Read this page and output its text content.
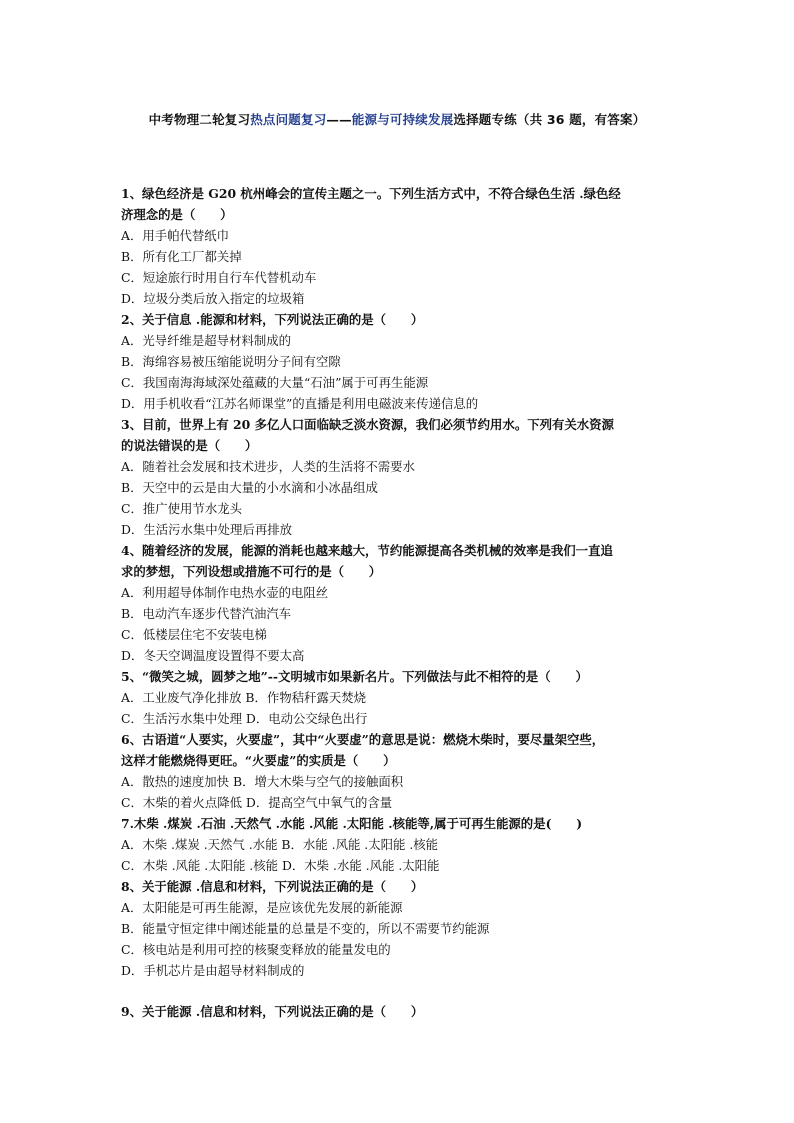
中考物理二轮复习热点问题复习——能源与可持续发展选择题专练（共 36 题，有答案）
1、绿色经济是 G20 杭州峰会的宣传主题之一。下列生活方式中，不符合绿色生活 .绿色经
济理念的是（　　）
A．用手帕代替纸巾
B．所有化工厂都关掉
C．短途旅行时用自行车代替机动车
D．垃圾分类后放入指定的垃圾箱
2、关于信息 .能源和材料，下列说法正确的是（　　）
A．光导纤维是超导材料制成的
B．海绵容易被压缩能说明分子间有空隙
C．我国南海海域深处蕴藏的大量“石油”属于可再生能源
D．用手机收看“江苏名师课堂”的直播是利用电磁波来传递信息的
3、目前，世界上有 20 多亿人口面临缺乏淡水资源，我们必须节约用水。下列有关水资源
的说法错误的是（　　）
A．随着社会发展和技术进步，人类的生活将不需要水
B．天空中的云是由大量的小水滴和小冰晶组成
C．推广使用节水龙头
D．生活污水集中处理后再排放
4、随着经济的发展，能源的消耗也越来越大，节约能源提高各类机械的效率是我们一直追
求的梦想，下列设想或措施不可行的是（　　）
A．利用超导体制作电热水壶的电阻丝
B．电动汽车逐步代替汽油汽车
C．低楼层住宅不安装电梯
D．冬天空调温度设置得不要太高
5、“微笑之城，圆梦之地”--文明城市如果新名片。下列做法与此不相符的是（　　）
A．工业废气净化排放 B．作物秸秆露天焚烧
C．生活污水集中处理 D．电动公交绿色出行
6、古语道“人要实，火要虚”，其中“火要虚”的意思是说：燃烧木柴时，要尽量架空些，
这样才能燃烧得更旺。“火要虚”的实质是（　　）
A．散热的速度加快 B．增大木柴与空气的接触面积
C．木柴的着火点降低 D．提高空气中氧气的含量
7.木柴 .煤炭 .石油 .天然气 .水能 .风能 .太阳能 .核能等,属于可再生能源的是(　　)
A．木柴 .煤炭 .天然气 .水能 B．水能 .风能 .太阳能 .核能
C．木柴 .风能 .太阳能 .核能 D．木柴 .水能 .风能 .太阳能
8、关于能源 .信息和材料，下列说法正确的是（　　）
A．太阳能是可再生能源，是应该优先发展的新能源
B．能量守恒定律中阐述能量的总量是不变的，所以不需要节约能源
C．核电站是利用可控的核聚变释放的能量发电的
D．手机芯片是由超导材料制成的
9、关于能源 .信息和材料，下列说法正确的是（　　）
